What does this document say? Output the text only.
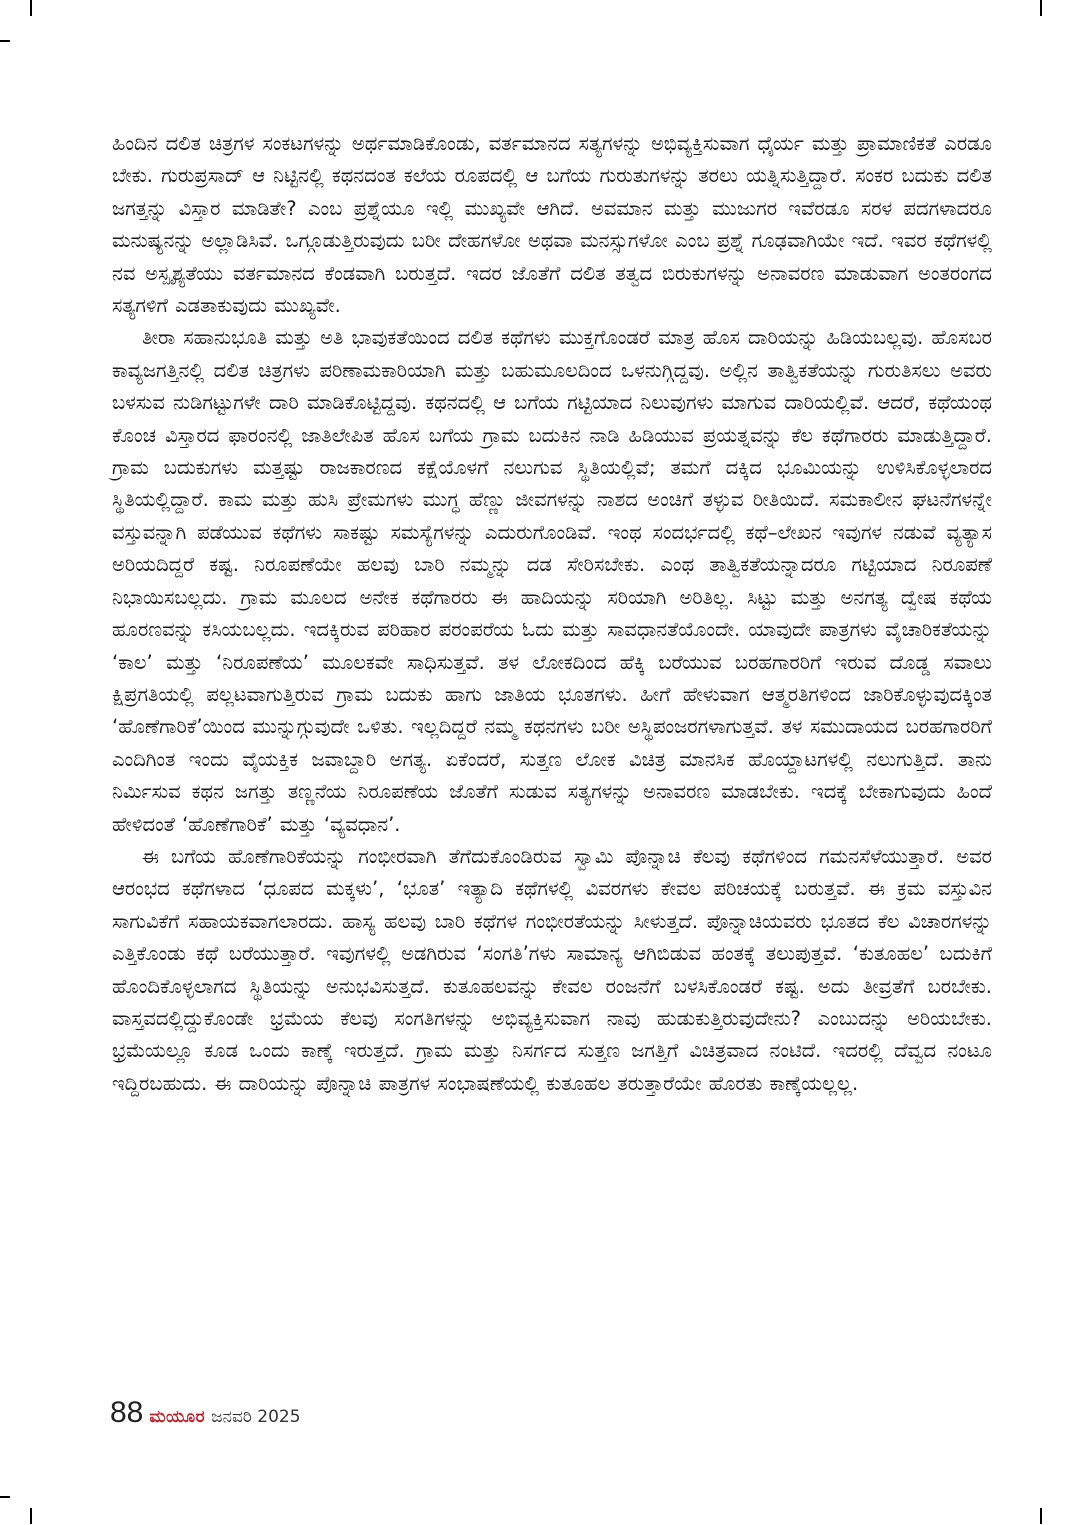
ಹಿಂದಿನ ದಲಿತ ಚಿತ್ರಗಳ ಸಂಕಟಗಳನ್ನು ಅರ್ಥಮಾಡಿಕೊಂಡು, ವರ್ತಮಾನದ ಸತ್ಯಗಳನ್ನು ಅಭಿವ್ಯಕ್ತಿಸುವಾಗ ಧೈರ್ಯ ಮತ್ತು ಪ್ರಾಮಾಣಿಕತೆ ಎರಡೂ ಬೇಕು. ಗುರುಪ್ರಸಾದ್ ಆ ನಿಟ್ಟಿನಲ್ಲಿ ಕಥನದಂತ ಕಲೆಯ ರೂಪದಲ್ಲಿ ಆ ಬಗೆಯ ಗುರುತುಗಳನ್ನು ತರಲು ಯತ್ನಿಸುತ್ತಿದ್ದಾರೆ. ಸಂಕರ ಬದುಕು ದಲಿತ ಜಗತ್ತನ್ನು ವಿಸ್ತಾರ ಮಾಡಿತೇ? ಎಂಬ ಪ್ರಶ್ನೆಯೂ ಇಲ್ಲಿ ಮುಖ್ಯವೇ ಆಗಿದೆ. ಅವಮಾನ ಮತ್ತು ಮುಜುಗರ ಇವೆರಡೂ ಸರಳ ಪದಗಳಾದರೂ ಮನುಷ್ಯನನ್ನು ಅಲ್ಲಾಡಿಸಿವೆ. ಒಗ್ಗೂಡುತ್ತಿರುವುದು ಬರೀ ದೇಹಗಳೋ ಅಥವಾ ಮನಸ್ಸುಗಳೋ ಎಂಬ ಪ್ರಶ್ನೆ ಗೂಢವಾಗಿಯೇ ಇದೆ. ಇವರ ಕಥೆಗಳಲ್ಲಿ ನವ ಅಸ್ಪೃಶ್ಯತೆಯು ವರ್ತಮಾನದ ಕೆಂಡವಾಗಿ ಬರುತ್ತದೆ. ಇದರ ಜೊತೆಗೆ ದಲಿತ ತತ್ವದ ಬಿರುಕುಗಳನ್ನು ಅನಾವರಣ ಮಾಡುವಾಗ ಅಂತರಂಗದ ಸತ್ಯಗಳಿಗೆ ಎಡತಾಕುವುದು ಮುಖ್ಯವೇ.

ತೀರಾ ಸಹಾನುಭೂತಿ ಮತ್ತು ಅತಿ ಭಾವುಕತೆಯಿಂದ ದಲಿತ ಕಥೆಗಳು ಮುಕ್ತಗೊಂಡರೆ ಮಾತ್ರ ಹೊಸ ದಾರಿಯನ್ನು ಹಿಡಿಯಬಲ್ಲವು. ಹೊಸಬರ ಕಾವ್ಯಜಗತ್ತಿನಲ್ಲಿ ದಲಿತ ಚಿತ್ರಗಳು ಪರಿಣಾಮಕಾರಿಯಾಗಿ ಮತ್ತು ಬಹುಮೂಲದಿಂದ ಒಳನುಗ್ಗಿದ್ದವು. ಅಲ್ಲಿನ ತಾತ್ವಿಕತೆಯನ್ನು ಗುರುತಿಸಲು ಅವರು ಬಳಸುವ ನುಡಿಗಟ್ಟುಗಳೇ ದಾರಿ ಮಾಡಿಕೊಟ್ಟಿದ್ದವು. ಕಥನದಲ್ಲಿ ಆ ಬಗೆಯ ಗಟ್ಟಿಯಾದ ನಿಲುವುಗಳು ಮಾಗುವ ದಾರಿಯಲ್ಲಿವೆ. ಆದರೆ, ಕಥೆಯಂಥ ಕೊಂಚ ವಿಸ್ತಾರದ ಫಾರಂನಲ್ಲಿ ಜಾತಿಲೇಪಿತ ಹೊಸ ಬಗೆಯ ಗ್ರಾಮ ಬದುಕಿನ ನಾಡಿ ಹಿಡಿಯುವ ಪ್ರಯತ್ನವನ್ನು ಕೆಲ ಕಥೆಗಾರರು ಮಾಡುತ್ತಿದ್ದಾರೆ. ಗ್ರಾಮ ಬದುಕುಗಳು ಮತ್ತಷ್ಟು ರಾಜಕಾರಣದ ಕಕ್ಷೆಯೊಳಗೆ ನಲುಗುವ ಸ್ಥಿತಿಯಲ್ಲಿವೆ; ತಮಗೆ ದಕ್ಕಿದ ಭೂಮಿಯನ್ನು ಉಳಿಸಿಕೊಳ್ಳಲಾರದ ಸ್ಥಿತಿಯಲ್ಲಿದ್ದಾರೆ. ಕಾಮ ಮತ್ತು ಹುಸಿ ಪ್ರೇಮಗಳು ಮುಗ್ಧ ಹೆಣ್ಣು ಜೀವಗಳನ್ನು ನಾಶದ ಅಂಚಿಗೆ ತಳ್ಳುವ ರೀತಿಯಿದೆ. ಸಮಕಾಲೀನ ಘಟನೆಗಳನ್ನೇ ವಸ್ತುವನ್ನಾಗಿ ಪಡೆಯುವ ಕಥೆಗಳು ಸಾಕಷ್ಟು ಸಮಸ್ಯೆಗಳನ್ನು ಎದುರುಗೊಂಡಿವೆ. ಇಂಥ ಸಂದರ್ಭದಲ್ಲಿ ಕಥೆ–ಲೇಖನ ಇವುಗಳ ನಡುವೆ ವ್ಯತ್ಯಾಸ ಅರಿಯದಿದ್ದರೆ ಕಷ್ಟ. ನಿರೂಪಣೆಯೇ ಹಲವು ಬಾರಿ ನಮ್ಮನ್ನು ದಡ ಸೇರಿಸಬೇಕು. ಎಂಥ ತಾತ್ವಿಕತೆಯನ್ನಾದರೂ ಗಟ್ಟಿಯಾದ ನಿರೂಪಣೆ ನಿಭಾಯಿಸಬಲ್ಲದು. ಗ್ರಾಮ ಮೂಲದ ಅನೇಕ ಕಥೆಗಾರರು ಈ ಹಾದಿಯನ್ನು ಸರಿಯಾಗಿ ಅರಿತಿಲ್ಲ. ಸಿಟ್ಟು ಮತ್ತು ಅನಗತ್ಯ ದ್ವೇಷ ಕಥೆಯ ಹೂರಣವನ್ನು ಕಸಿಯಬಲ್ಲದು. ಇದಕ್ಕಿರುವ ಪರಿಹಾರ ಪರಂಪರೆಯ ಓದು ಮತ್ತು ಸಾವಧಾನತೆಯೊಂದೇ. ಯಾವುದೇ ಪಾತ್ರಗಳು ವೈಚಾರಿಕತೆಯನ್ನು ‘ಕಾಲ’ ಮತ್ತು ‘ನಿರೂಪಣೆಯ’ ಮೂಲಕವೇ ಸಾಧಿಸುತ್ತವೆ. ತಳ ಲೋಕದಿಂದ ಹೆಕ್ಕಿ ಬರೆಯುವ ಬರಹಗಾರರಿಗೆ ಇರುವ ದೊಡ್ಡ ಸವಾಲು ಕ್ಷಿಪ್ರಗತಿಯಲ್ಲಿ ಪಲ್ಲಟವಾಗುತ್ತಿರುವ ಗ್ರಾಮ ಬದುಕು ಹಾಗು ಜಾತಿಯ ಭೂತಗಳು. ಹೀಗೆ ಹೇಳುವಾಗ ಆತ್ಮರತಿಗಳಿಂದ ಜಾರಿಕೊಳ್ಳುವುದಕ್ಕಿಂತ ‘ಹೊಣೆಗಾರಿಕೆ’ಯಿಂದ ಮುನ್ನುಗ್ಗುವುದೇ ಒಳಿತು. ಇಲ್ಲದಿದ್ದರೆ ನಮ್ಮ ಕಥನಗಳು ಬರೀ ಅಸ್ಥಿಪಂಜರಗಳಾಗುತ್ತವೆ. ತಳ ಸಮುದಾಯದ ಬರಹಗಾರರಿಗೆ ಎಂದಿಗಿಂತ ಇಂದು ವೈಯಕ್ತಿಕ ಜವಾಬ್ದಾರಿ ಅಗತ್ಯ. ಏಕೆಂದರೆ, ಸುತ್ತಣ ಲೋಕ ವಿಚಿತ್ರ ಮಾನಸಿಕ ಹೊಯ್ದಾಟಗಳಲ್ಲಿ ನಲುಗುತ್ತಿದೆ. ತಾನು ನಿರ್ಮಿಸುವ ಕಥನ ಜಗತ್ತು ತಣ್ಣನೆಯ ನಿರೂಪಣೆಯ ಜೊತೆಗೆ ಸುಡುವ ಸತ್ಯಗಳನ್ನು ಅನಾವರಣ ಮಾಡಬೇಕು. ಇದಕ್ಕೆ ಬೇಕಾಗುವುದು ಹಿಂದೆ ಹೇಳಿದಂತೆ ‘ಹೊಣೆಗಾರಿಕೆ’ ಮತ್ತು ‘ವ್ಯವಧಾನ’.

ಈ ಬಗೆಯ ಹೊಣೆಗಾರಿಕೆಯನ್ನು ಗಂಭೀರವಾಗಿ ತೆಗೆದುಕೊಂಡಿರುವ ಸ್ವಾಮಿ ಪೊನ್ನಾಚಿ ಕೆಲವು ಕಥೆಗಳಿಂದ ಗಮನಸೆಳೆಯುತ್ತಾರೆ. ಅವರ ಆರಂಭದ ಕಥೆಗಳಾದ ‘ಧೂಪದ ಮಕ್ಕಳು’, ‘ಭೂತ’ ಇತ್ಯಾದಿ ಕಥೆಗಳಲ್ಲಿ ವಿವರಗಳು ಕೇವಲ ಪರಿಚಯಕ್ಕೆ ಬರುತ್ತವೆ. ಈ ಕ್ರಮ ವಸ್ತುವಿನ ಸಾಗುವಿಕೆಗೆ ಸಹಾಯಕವಾಗಲಾರದು. ಹಾಸ್ಯ ಹಲವು ಬಾರಿ ಕಥೆಗಳ ಗಂಭೀರತೆಯನ್ನು ಸೀಳುತ್ತದೆ. ಪೊನ್ನಾಚಿಯವರು ಭೂತದ ಕೆಲ ವಿಚಾರಗಳನ್ನು ಎತ್ತಿಕೊಂಡು ಕಥೆ ಬರೆಯುತ್ತಾರೆ. ಇವುಗಳಲ್ಲಿ ಅಡಗಿರುವ ‘ಸಂಗತಿ’ಗಳು ಸಾಮಾನ್ಯ ಆಗಿಬಿಡುವ ಹಂತಕ್ಕೆ ತಲುಪುತ್ತವೆ. ‘ಕುತೂಹಲ’ ಬದುಕಿಗೆ ಹೊಂದಿಕೊಳ್ಳಲಾಗದ ಸ್ಥಿತಿಯನ್ನು ಅನುಭವಿಸುತ್ತದೆ. ಕುತೂಹಲವನ್ನು ಕೇವಲ ರಂಜನೆಗೆ ಬಳಸಿಕೊಂಡರೆ ಕಷ್ಟ. ಅದು ತೀವ್ರತೆಗೆ ಬರಬೇಕು. ವಾಸ್ತವದಲ್ಲಿದ್ದುಕೊಂಡೇ ಭ್ರಮೆಯ ಕೆಲವು ಸಂಗತಿಗಳನ್ನು ಅಭಿವ್ಯಕ್ತಿಸುವಾಗ ನಾವು ಹುಡುಕುತ್ತಿರುವುದೇನು? ಎಂಬುದನ್ನು ಅರಿಯಬೇಕು. ಭ್ರಮೆಯಲ್ಲೂ ಕೂಡ ಒಂದು ಕಾಣ್ಕೆ ಇರುತ್ತದೆ. ಗ್ರಾಮ ಮತ್ತು ನಿಸರ್ಗದ ಸುತ್ತಣ ಜಗತ್ತಿಗೆ ವಿಚಿತ್ರವಾದ ನಂಟಿದೆ. ಇದರಲ್ಲಿ ದೆವ್ವದ ನಂಟೂ ಇದ್ದಿರಬಹುದು. ಈ ದಾರಿಯನ್ನು ಪೊನ್ನಾಚಿ ಪಾತ್ರಗಳ ಸಂಭಾಷಣೆಯಲ್ಲಿ ಕುತೂಹಲ ತರುತ್ತಾರೆಯೇ ಹೊರತು ಕಾಣ್ಕೆಯಲ್ಲಲ್ಲ.

88 ಮಯೂರ ಜನವರಿ 2025
